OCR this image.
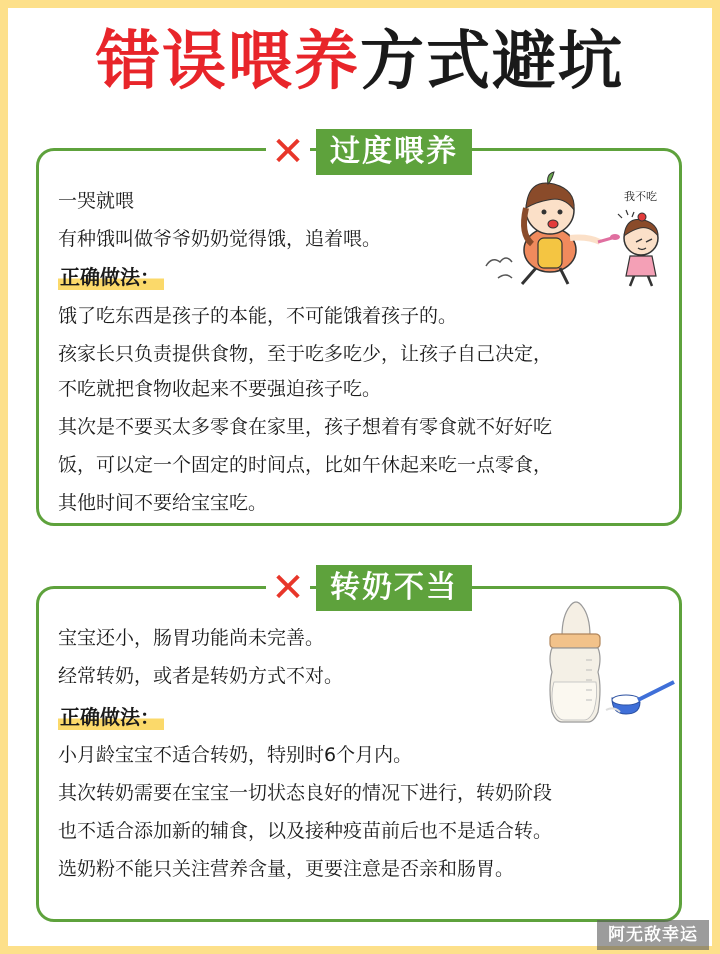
错误喂养方式避坑
✕ 过度喂养
一哭就喂
有种饿叫做爷爷奶奶觉得饿，追着喂。
正确做法：
饿了吃东西是孩子的本能，不可能饿着孩子的。
孩家长只负责提供食物，至于吃多吃少，让孩子自己决定，
不吃就把食物收起来不要强迫孩子吃。
其次是不要买太多零食在家里，孩子想着有零食就不好好吃
饭，可以定一个固定的时间点，比如午休起来吃一点零食，
其他时间不要给宝宝吃。
我不吃
✕ 转奶不当
宝宝还小，肠胃功能尚未完善。
经常转奶，或者是转奶方式不对。
正确做法：
小月龄宝宝不适合转奶，特别时6个月内。
其次转奶需要在宝宝一切状态良好的情况下进行，转奶阶段
也不适合添加新的辅食，以及接种疫苗前后也不是适合转。
选奶粉不能只关注营养含量，更要注意是否亲和肠胃。
阿无敌幸运
